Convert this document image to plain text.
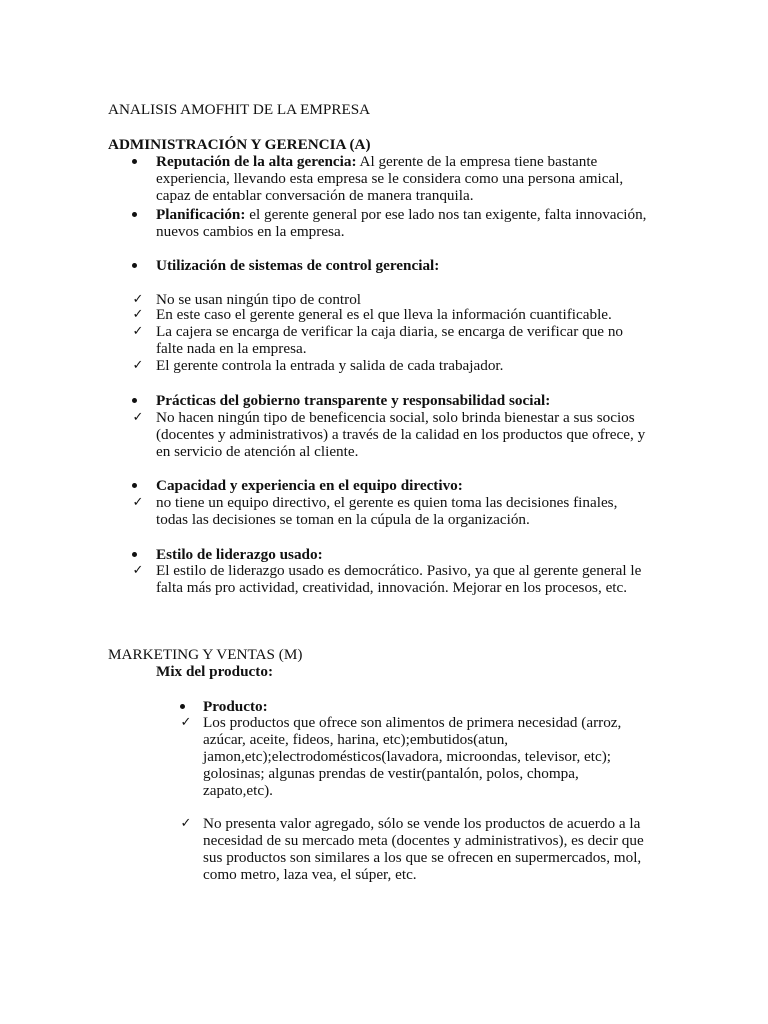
ANALISIS AMOFHIT DE LA EMPRESA
ADMINISTRACIÓN Y GERENCIA (A)
Reputación de la alta gerencia: Al gerente de la empresa tiene bastante
experiencia, llevando esta empresa se le considera como una persona amical,
capaz de entablar conversación de manera tranquila.
Planificación: el gerente general por ese lado nos tan exigente, falta innovación,
nuevos cambios en la empresa.
Utilización de sistemas de control gerencial:
✓ No se usan ningún tipo de control
✓ En este caso el gerente general es el que lleva la información cuantificable.
✓ La cajera se encarga de verificar la caja diaria, se encarga de verificar que no
falte nada en la empresa.
✓ El gerente controla la entrada y salida de cada trabajador.
Prácticas del gobierno transparente y responsabilidad social:
✓ No hacen ningún tipo de beneficencia social, solo brinda bienestar a sus socios
(docentes y administrativos) a través de la calidad en los productos que ofrece, y
en servicio de atención al cliente.
Capacidad y experiencia en el equipo directivo:
✓ no tiene un equipo directivo, el gerente es quien toma las decisiones finales,
todas las decisiones se toman en la cúpula de la organización.
Estilo de liderazgo usado:
✓ El estilo de liderazgo usado es democrático. Pasivo, ya que al gerente general le
falta más pro actividad, creatividad, innovación. Mejorar en los procesos, etc.
MARKETING Y VENTAS (M)
Mix del producto:
Producto:
✓ Los productos que ofrece son alimentos de primera necesidad (arroz,
azúcar, aceite, fideos, harina, etc);embutidos(atun,
jamon,etc);electrodomésticos(lavadora, microondas, televisor, etc);
golosinas; algunas prendas de vestir(pantalón, polos, chompa,
zapato,etc).
✓ No presenta valor agregado, sólo se vende los productos de acuerdo a la
necesidad de su mercado meta (docentes y administrativos), es decir que
sus productos son similares a los que se ofrecen en supermercados, mol,
como metro, laza vea, el súper, etc.
